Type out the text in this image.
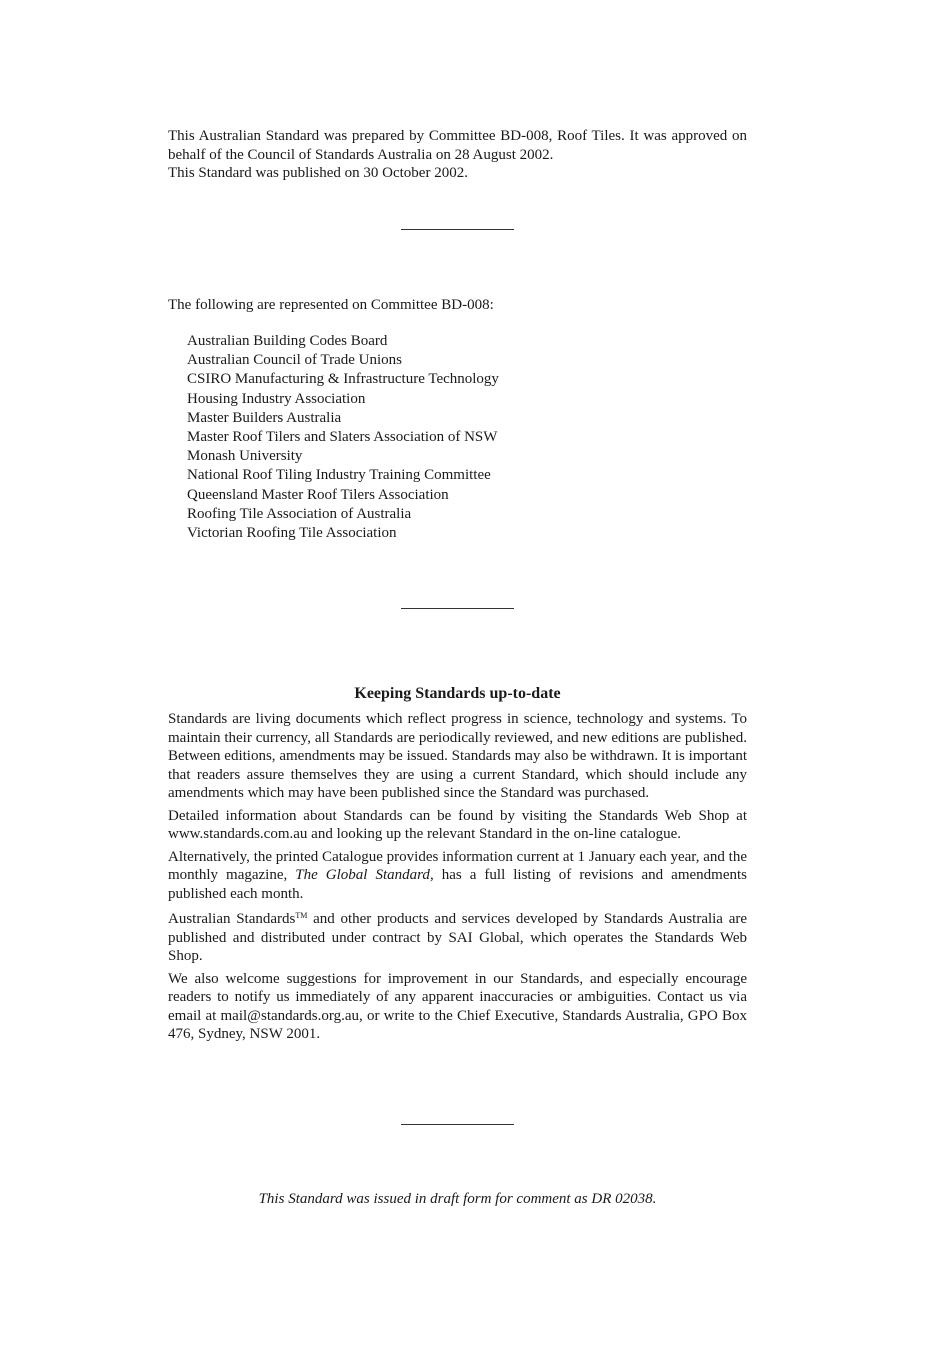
This Australian Standard was prepared by Committee BD-008, Roof Tiles. It was approved on behalf of the Council of Standards Australia on 28 August 2002.
This Standard was published on 30 October 2002.
The following are represented on Committee BD-008:
Australian Building Codes Board
Australian Council of Trade Unions
CSIRO Manufacturing & Infrastructure Technology
Housing Industry Association
Master Builders Australia
Master Roof Tilers and Slaters Association of NSW
Monash University
National Roof Tiling Industry Training Committee
Queensland Master Roof Tilers Association
Roofing Tile Association of Australia
Victorian Roofing Tile Association
Keeping Standards up-to-date

Standards are living documents which reflect progress in science, technology and systems. To maintain their currency, all Standards are periodically reviewed, and new editions are published. Between editions, amendments may be issued. Standards may also be withdrawn. It is important that readers assure themselves they are using a current Standard, which should include any amendments which may have been published since the Standard was purchased.

Detailed information about Standards can be found by visiting the Standards Web Shop at www.standards.com.au and looking up the relevant Standard in the on-line catalogue.

Alternatively, the printed Catalogue provides information current at 1 January each year, and the monthly magazine, The Global Standard, has a full listing of revisions and amendments published each month.

Australian Standards™ and other products and services developed by Standards Australia are published and distributed under contract by SAI Global, which operates the Standards Web Shop.

We also welcome suggestions for improvement in our Standards, and especially encourage readers to notify us immediately of any apparent inaccuracies or ambiguities. Contact us via email at mail@standards.org.au, or write to the Chief Executive, Standards Australia, GPO Box 476, Sydney, NSW 2001.

This Standard was issued in draft form for comment as DR 02038.
